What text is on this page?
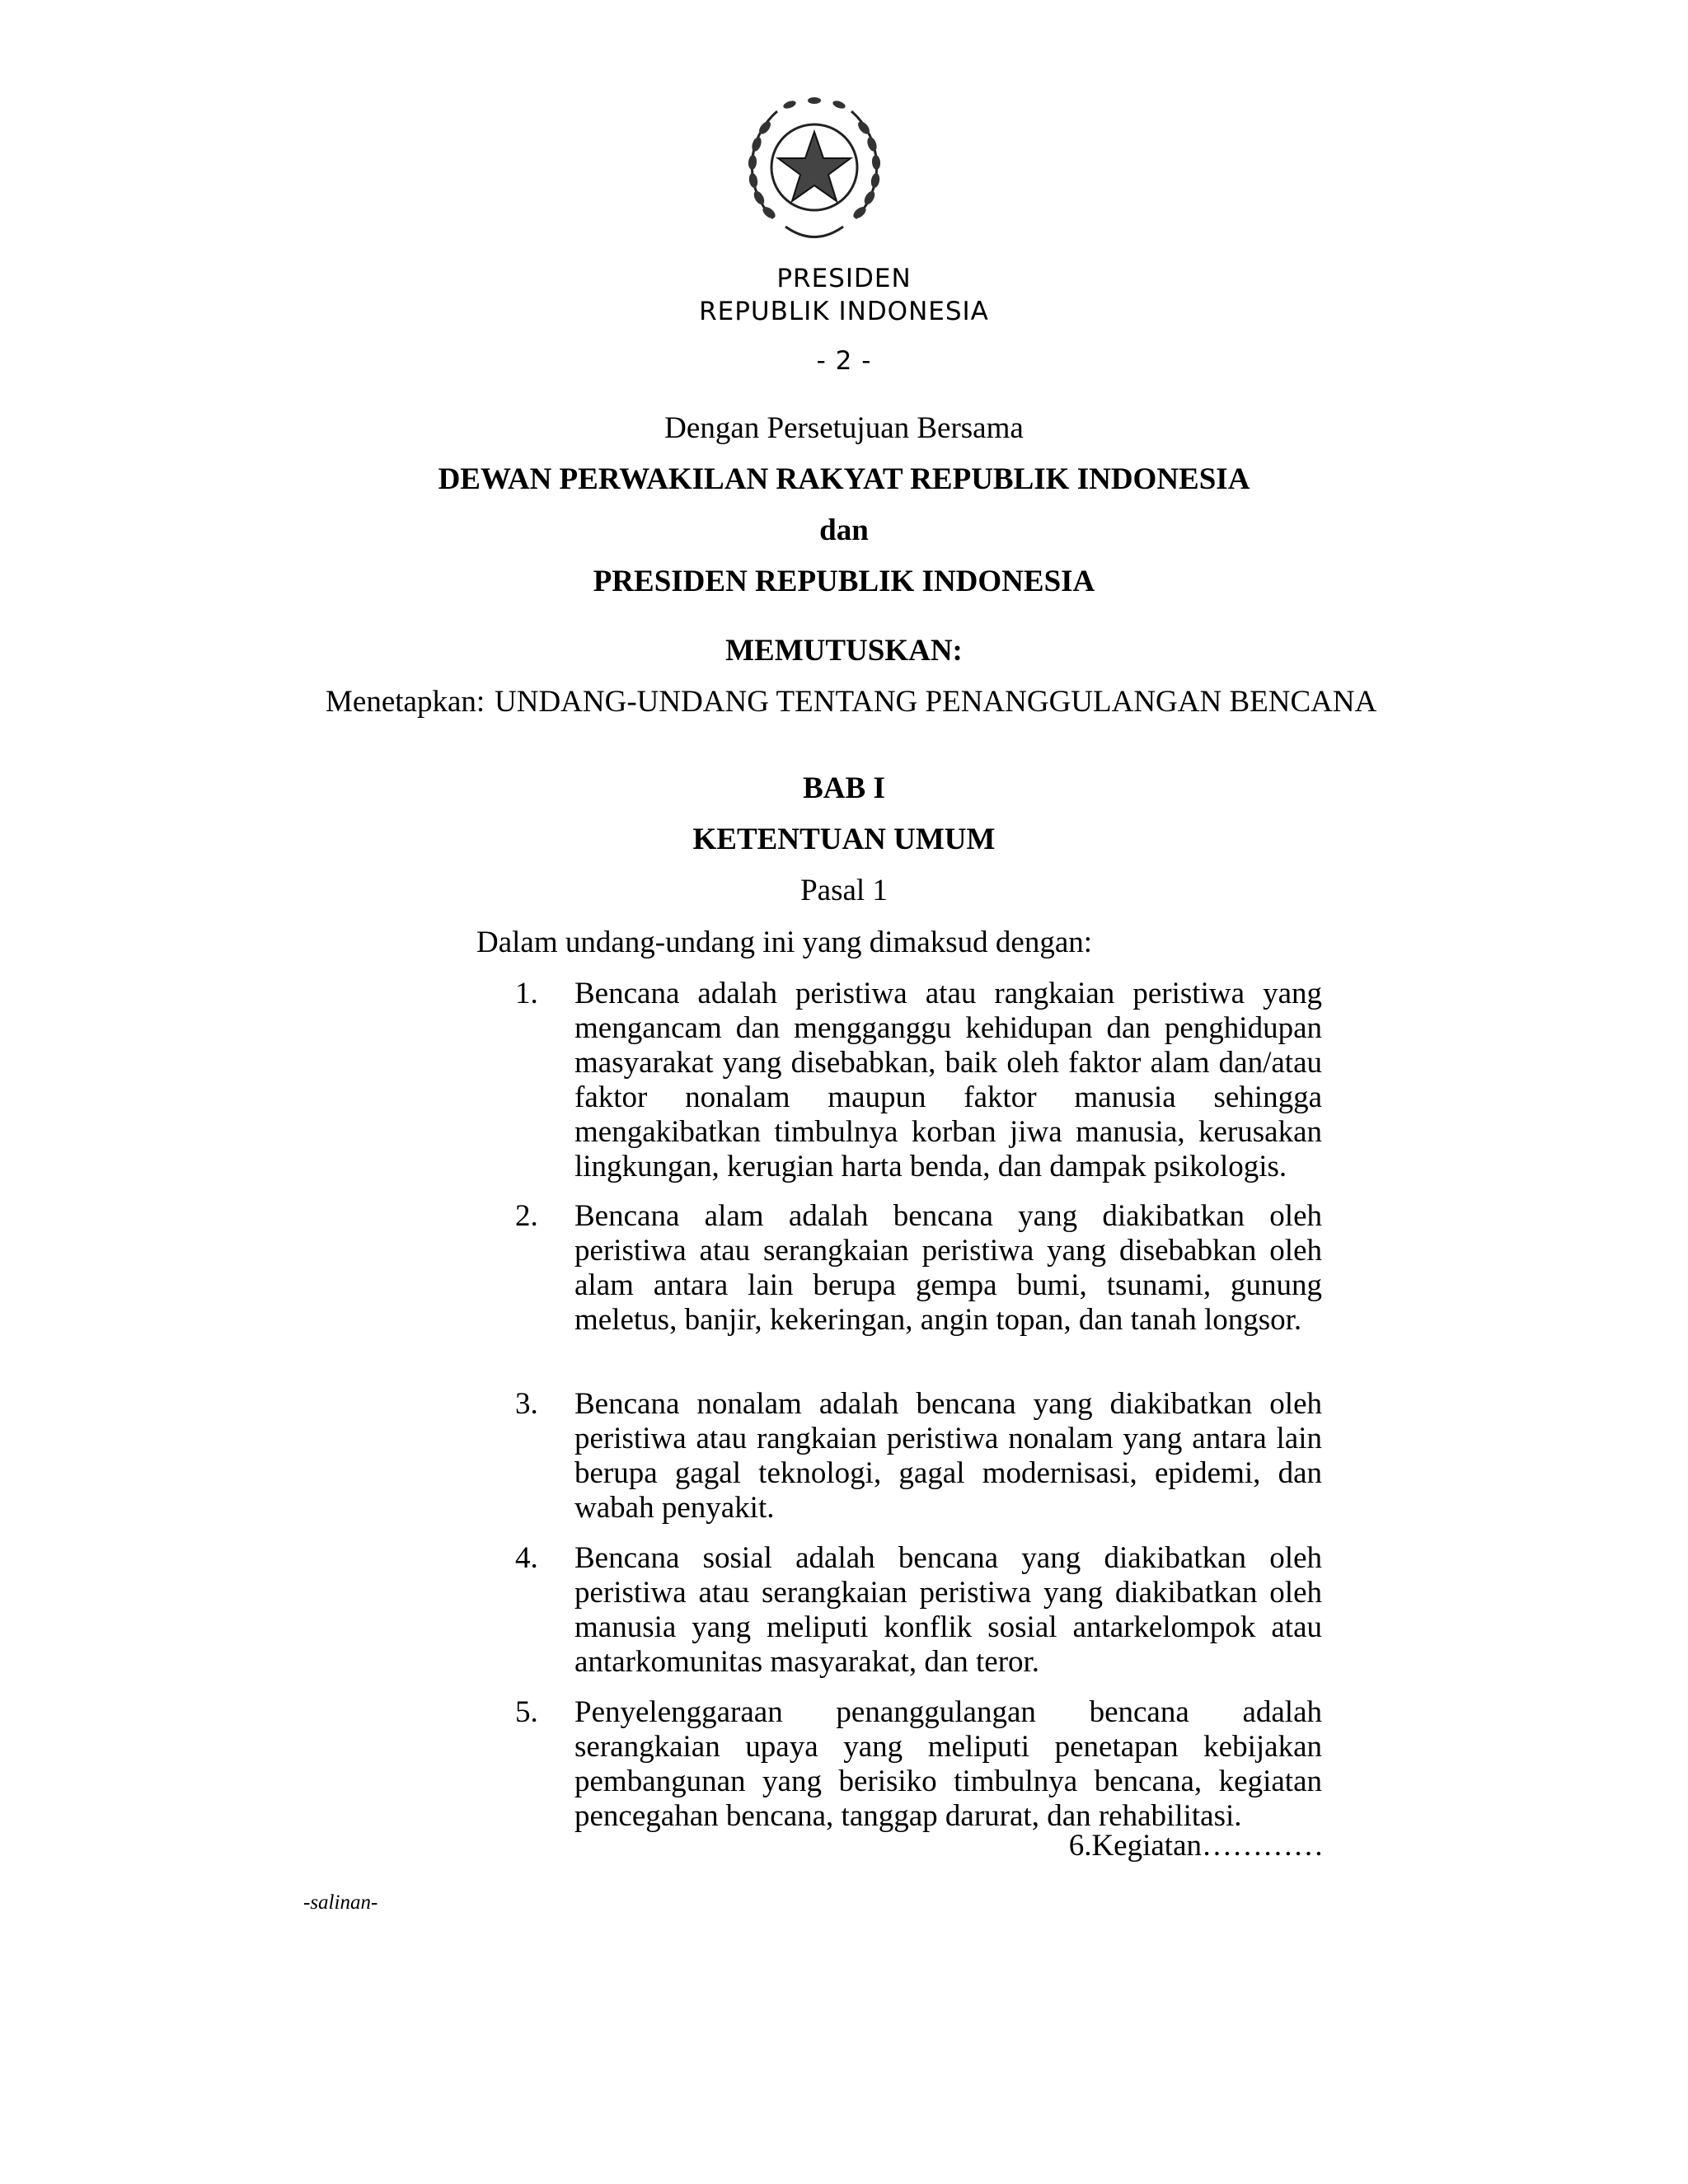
PRESIDEN
REPUBLIK INDONESIA
- 2 -
Dengan Persetujuan Bersama
DEWAN PERWAKILAN RAKYAT REPUBLIK INDONESIA
dan
PRESIDEN REPUBLIK INDONESIA
MEMUTUSKAN:
Menetapkan: UNDANG-UNDANG TENTANG PENANGGULANGAN BENCANA
BAB I
KETENTUAN UMUM
Pasal 1
Dalam undang-undang ini yang dimaksud dengan:
1. Bencana adalah peristiwa atau rangkaian peristiwa yang mengancam dan mengganggu kehidupan dan penghidupan masyarakat yang disebabkan, baik oleh faktor alam dan/atau faktor nonalam maupun faktor manusia sehingga mengakibatkan timbulnya korban jiwa manusia, kerusakan lingkungan, kerugian harta benda, dan dampak psikologis.
2. Bencana alam adalah bencana yang diakibatkan oleh peristiwa atau serangkaian peristiwa yang disebabkan oleh alam antara lain berupa gempa bumi, tsunami, gunung meletus, banjir, kekeringan, angin topan, dan tanah longsor.
3. Bencana nonalam adalah bencana yang diakibatkan oleh peristiwa atau rangkaian peristiwa nonalam yang antara lain berupa gagal teknologi, gagal modernisasi, epidemi, dan wabah penyakit.
4. Bencana sosial adalah bencana yang diakibatkan oleh peristiwa atau serangkaian peristiwa yang diakibatkan oleh manusia yang meliputi konflik sosial antarkelompok atau antarkomunitas masyarakat, dan teror.
5. Penyelenggaraan penanggulangan bencana adalah serangkaian upaya yang meliputi penetapan kebijakan pembangunan yang berisiko timbulnya bencana, kegiatan pencegahan bencana, tanggap darurat, dan rehabilitasi.
6.Kegiatan…………
-salinan-
